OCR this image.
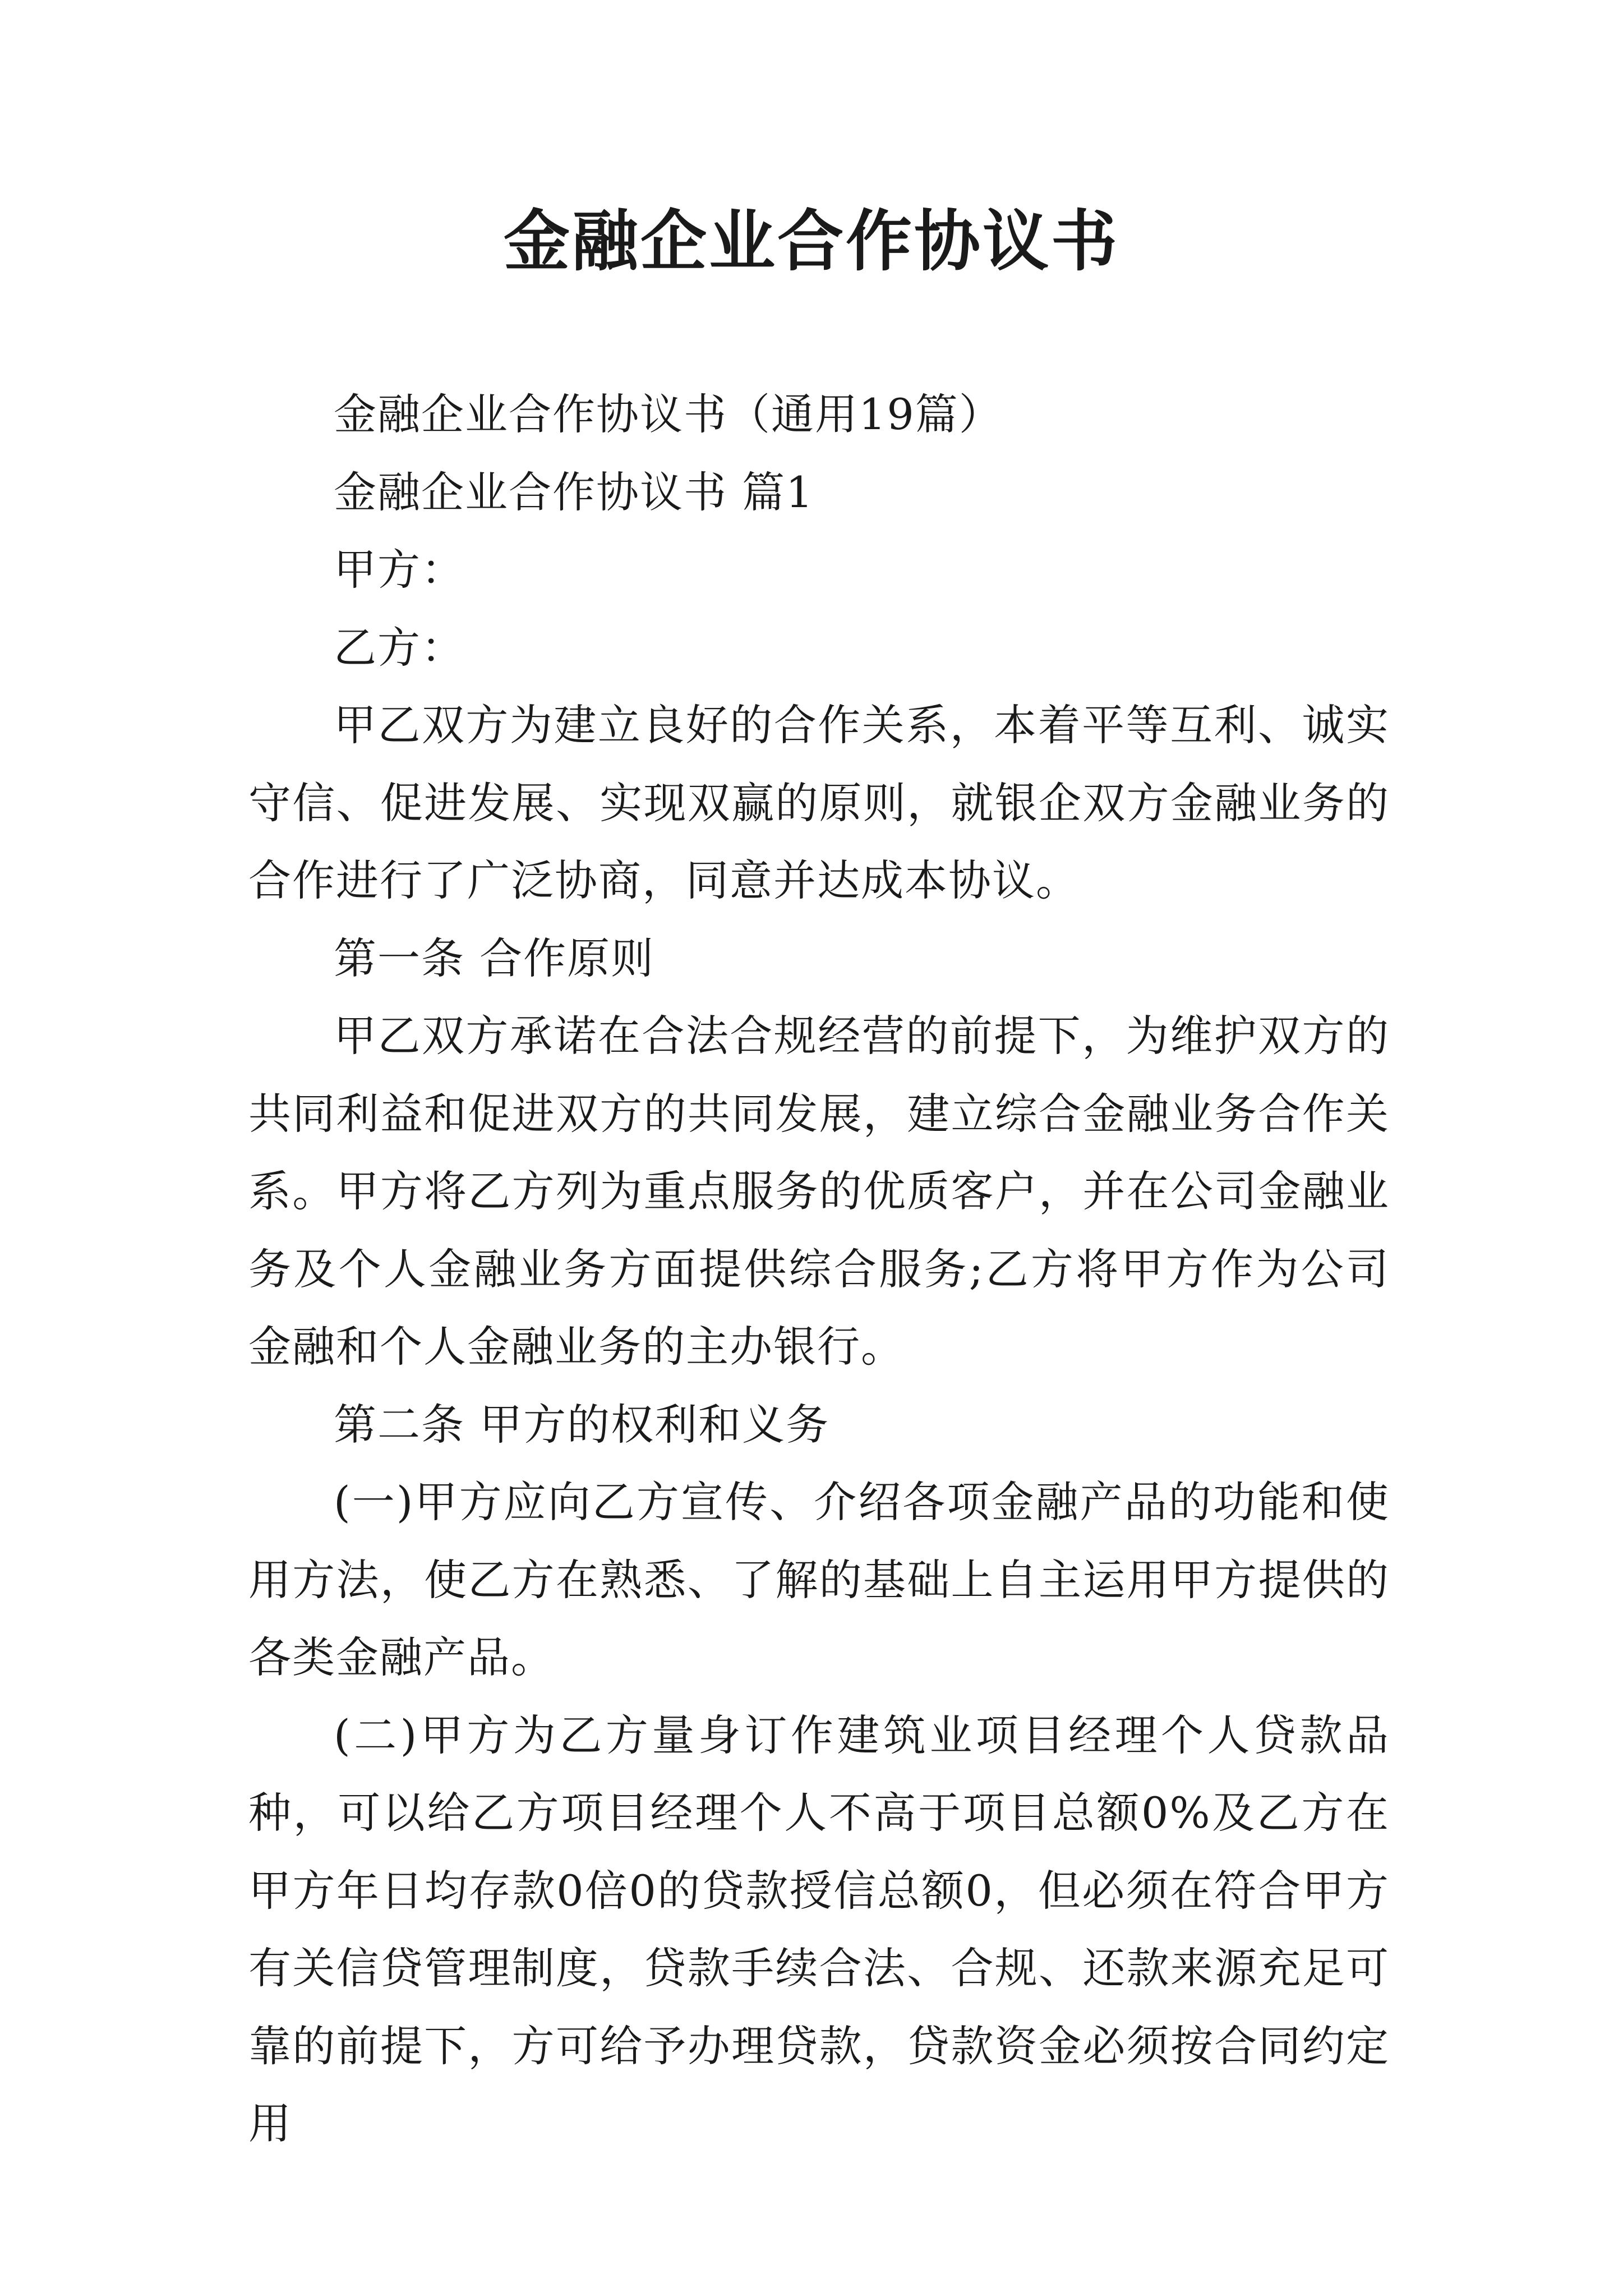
金融企业合作协议书

金融企业合作协议书（通用19篇）

金融企业合作协议书 篇1

甲方：

乙方：

甲乙双方为建立良好的合作关系，本着平等互利、诚实守信、促进发展、实现双赢的原则，就银企双方金融业务的合作进行了广泛协商，同意并达成本协议。

第一条 合作原则

甲乙双方承诺在合法合规经营的前提下，为维护双方的共同利益和促进双方的共同发展，建立综合金融业务合作关系。甲方将乙方列为重点服务的优质客户，并在公司金融业务及个人金融业务方面提供综合服务;乙方将甲方作为公司金融和个人金融业务的主办银行。

第二条 甲方的权利和义务

(一)甲方应向乙方宣传、介绍各项金融产品的功能和使用方法，使乙方在熟悉、了解的基础上自主运用甲方提供的各类金融产品。

(二)甲方为乙方量身订作建筑业项目经理个人贷款品种，可以给乙方项目经理个人不高于项目总额0%及乙方在甲方年日均存款0倍0的贷款授信总额0，但必须在符合甲方有关信贷管理制度，贷款手续合法、合规、还款来源充足可靠的前提下，方可给予办理贷款，贷款资金必须按合同约定用
